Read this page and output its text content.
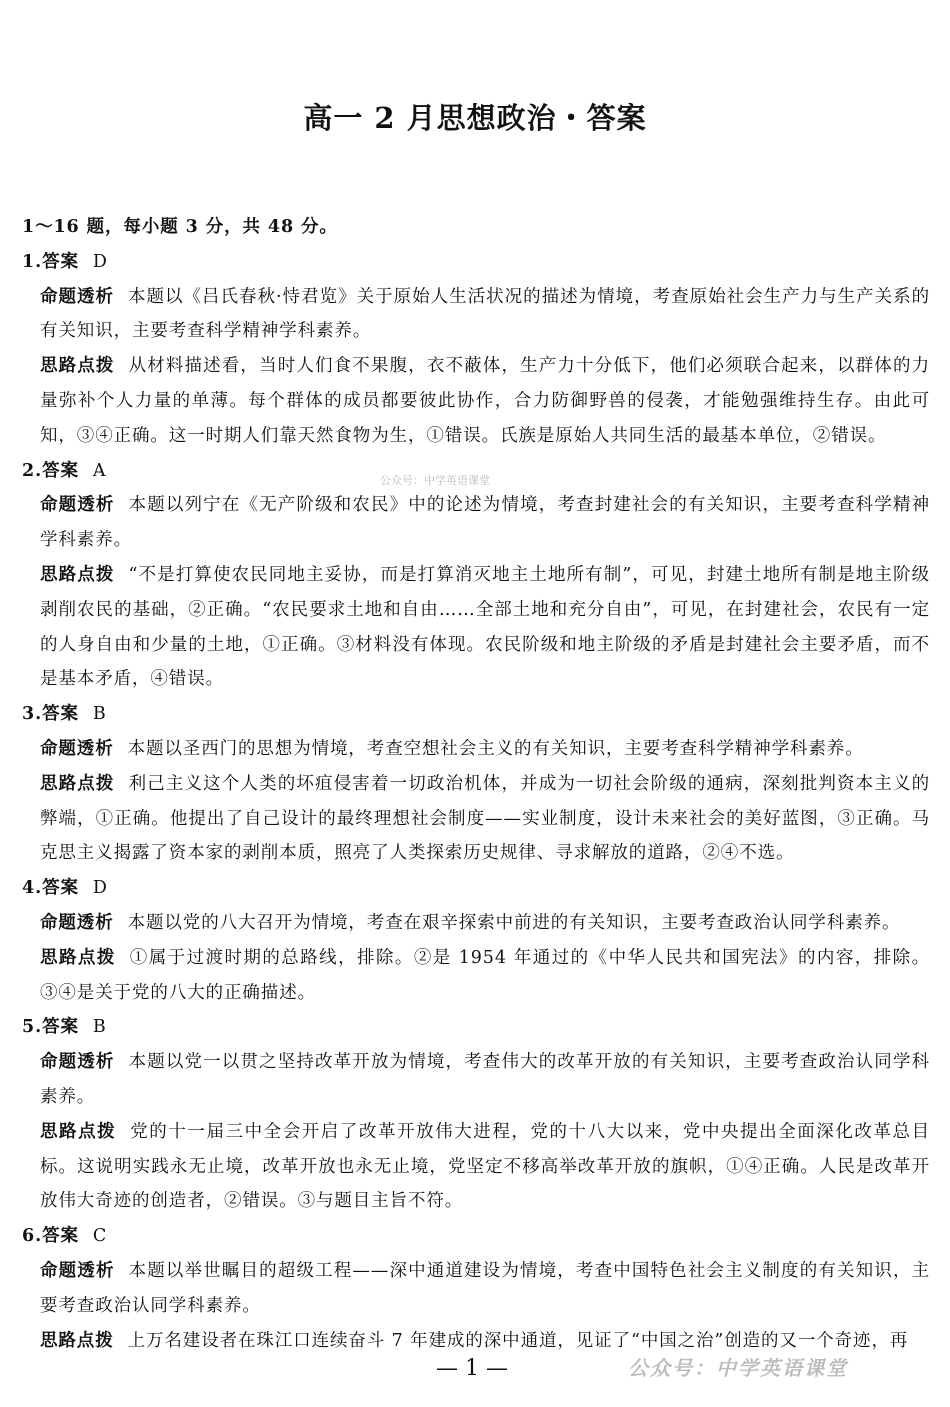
高一 2 月思想政治・答案
1～16 题，每小题 3 分，共 48 分。
1.答案 D
命题透析 本题以《吕氏春秋·恃君览》关于原始人生活状况的描述为情境，考查原始社会生产力与生产关系的有关知识，主要考查科学精神学科素养。
思路点拨 从材料描述看，当时人们食不果腹，衣不蔽体，生产力十分低下，他们必须联合起来，以群体的力量弥补个人力量的单薄。每个群体的成员都要彼此协作，合力防御野兽的侵袭，才能勉强维持生存。由此可知，③④正确。这一时期人们靠天然食物为生，①错误。氏族是原始人共同生活的最基本单位，②错误。
2.答案 A
命题透析 本题以列宁在《无产阶级和农民》中的论述为情境，考查封建社会的有关知识，主要考查科学精神学科素养。
思路点拨 “不是打算使农民同地主妥协，而是打算消灭地主土地所有制”，可见，封建土地所有制是地主阶级剥削农民的基础，②正确。“农民要求土地和自由……全部土地和充分自由”，可见，在封建社会，农民有一定的人身自由和少量的土地，①正确。③材料没有体现。农民阶级和地主阶级的矛盾是封建社会主要矛盾，而不是基本矛盾，④错误。
3.答案 B
命题透析 本题以圣西门的思想为情境，考查空想社会主义的有关知识，主要考查科学精神学科素养。
思路点拨 利己主义这个人类的坏疽侵害着一切政治机体，并成为一切社会阶级的通病，深刻批判资本主义的弊端，①正确。他提出了自己设计的最终理想社会制度——实业制度，设计未来社会的美好蓝图，③正确。马克思主义揭露了资本家的剥削本质，照亮了人类探索历史规律、寻求解放的道路，②④不选。
4.答案 D
命题透析 本题以党的八大召开为情境，考查在艰辛探索中前进的有关知识，主要考查政治认同学科素养。
思路点拨 ①属于过渡时期的总路线，排除。②是 1954 年通过的《中华人民共和国宪法》的内容，排除。③④是关于党的八大的正确描述。
5.答案 B
命题透析 本题以党一以贯之坚持改革开放为情境，考查伟大的改革开放的有关知识，主要考查政治认同学科素养。
思路点拨 党的十一届三中全会开启了改革开放伟大进程，党的十八大以来，党中央提出全面深化改革总目标。这说明实践永无止境，改革开放也永无止境，党坚定不移高举改革开放的旗帜，①④正确。人民是改革开放伟大奇迹的创造者，②错误。③与题目主旨不符。
6.答案 C
命题透析 本题以举世瞩目的超级工程——深中通道建设为情境，考查中国特色社会主义制度的有关知识，主要考查政治认同学科素养。
思路点拨 上万名建设者在珠江口连续奋斗 7 年建成的深中通道，见证了“中国之治”创造的又一个奇迹，再
公众号：中学英语课堂
— 1 —	公众号：中学英语课堂
